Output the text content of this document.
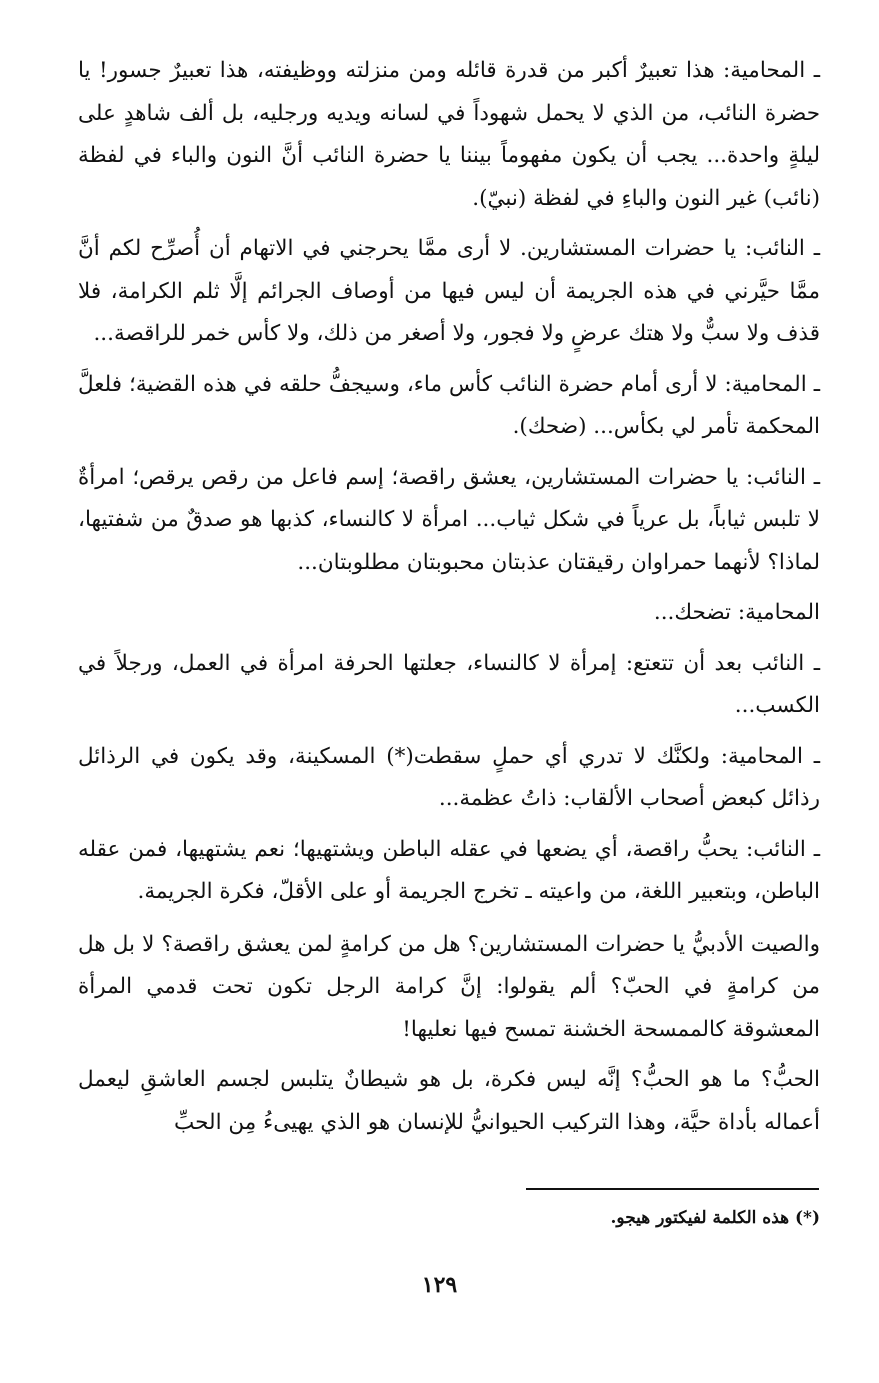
ـ المحامية: هذا تعبيرٌ أكبر من قدرة قائله ومن منزلته ووظيفته، هذا تعبيرٌ جسور! يا حضرة النائب، من الذي لا يحمل شهوداً في لسانه ويديه ورجليه، بل ألف شاهدٍ على ليلةٍ واحدة... يجب أن يكون مفهوماً بيننا يا حضرة النائب أنَّ النون والباء في لفظة (نائب) غير النون والباءِ في لفظة (نبيّ).

ـ النائب: يا حضرات المستشارين. لا أرى ممَّا يحرجني في الاتهام أن أُصرِّح لكم أنَّ ممَّا حيَّرني في هذه الجريمة أن ليس فيها من أوصاف الجرائم إلَّا ثلم الكرامة، فلا قذف ولا سبٌّ ولا هتك عرضٍ ولا فجور، ولا أصغر من ذلك، ولا كأس خمر للراقصة...

ـ المحامية: لا أرى أمام حضرة النائب كأس ماء، وسيجفُّ حلقه في هذه القضية؛ فلعلَّ المحكمة تأمر لي بكأس... (ضحك).

ـ النائب: يا حضرات المستشارين، يعشق راقصة؛ إسم فاعل من رقص يرقص؛ امرأةٌ لا تلبس ثياباً، بل عرياً في شكل ثياب... امرأة لا كالنساء، كذبها هو صدقٌ من شفتيها، لماذا؟ لأنهما حمراوان رقيقتان عذبتان محبوبتان مطلوبتان...

المحامية: تضحك...

ـ النائب بعد أن تتعتع: إمرأة لا كالنساء، جعلتها الحرفة امرأة في العمل، ورجلاً في الكسب...

ـ المحامية: ولكنَّك لا تدري أي حملٍ سقطت(*) المسكينة، وقد يكون في الرذائل رذائل كبعض أصحاب الألقاب: ذاتُ عظمة...

ـ النائب: يحبُّ راقصة، أي يضعها في عقله الباطن ويشتهيها؛ نعم يشتهيها، فمن عقله الباطن، وبتعبير اللغة، من واعيته ـ تخرج الجريمة أو على الأقلّ، فكرة الجريمة.

والصيت الأدبيُّ يا حضرات المستشارين؟ هل من كرامةٍ لمن يعشق راقصة؟ لا بل هل من كرامةٍ في الحبّ؟ ألم يقولوا: إنَّ كرامة الرجل تكون تحت قدمي المرأة المعشوقة كالممسحة الخشنة تمسح فيها نعليها!

الحبُّ؟ ما هو الحبُّ؟ إنَّه ليس فكرة، بل هو شيطانٌ يتلبس لجسم العاشقِ ليعمل أعماله بأداة حيَّة، وهذا التركيب الحيوانيُّ للإنسان هو الذي يهيىءُ مِن الحبِّ

(*) هذه الكلمة لفيكتور هيجو.
١٢٩
